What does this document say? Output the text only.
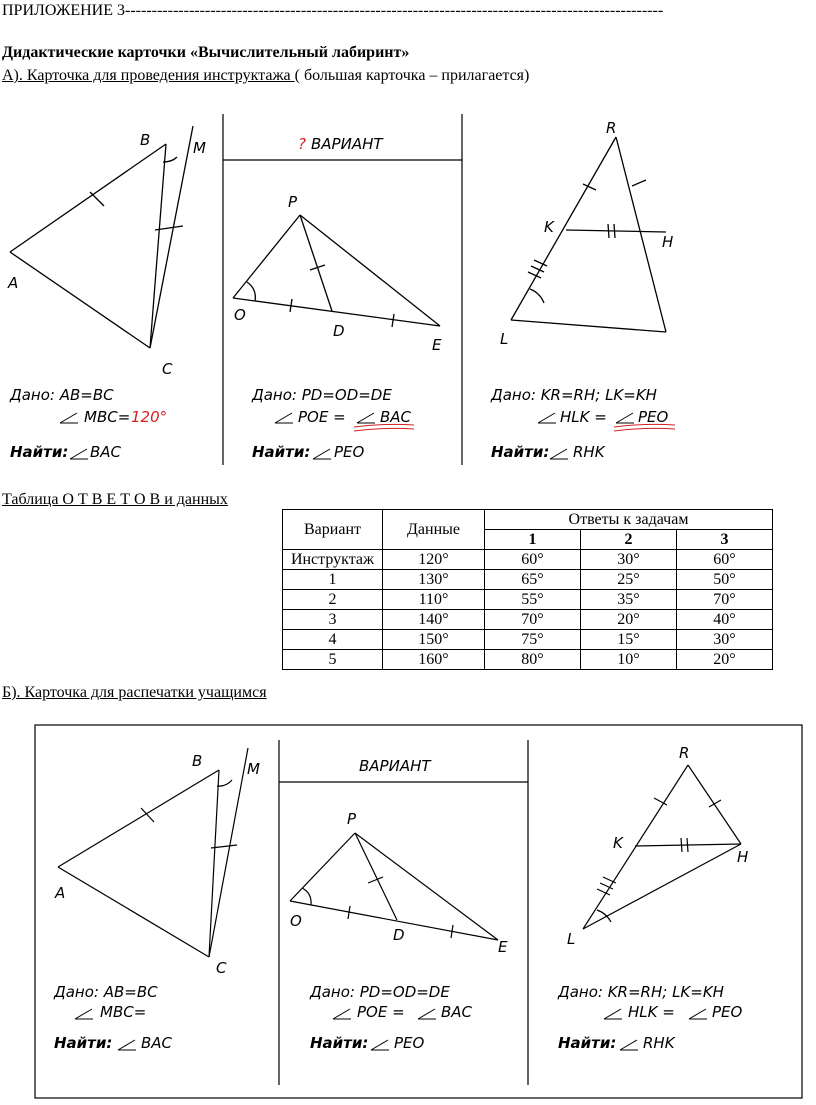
ПРИЛОЖЕНИЕ 3-----------------------------------------------------------------------------------------------------
Дидактические карточки «Вычислительный лабиринт»
А). Карточка для проведения инструктажа ( большая карточка – прилагается)
B	M
A
C
? ВАРИАНТ
P
O
D
E
R
K
H
L
Дано: AB=BC
MBC= 120°
Найти: BAC
Дано: PD=OD=DE
POE = BAC
Найти: PEO
Дано: KR=RH; LK=KH
HLK = PEO
Найти: RHK
Таблица О Т В Е Т О В и данных
Вариант	Данные	Ответы к задачам		
		1	2	3
Инструктаж	120°	60°	30°	60°
1	130°	65°	25°	50°
2	110°	55°	35°	70°
3	140°	70°	20°	40°
4	150°	75°	15°	30°
5	160°	80°	10°	20°
Б). Карточка для распечатки учащимся
B	M
A
C
ВАРИАНТ
P
O
D
E
R
K
H
L
Дано: AB=BC
MBC=
Найти: BAC
Дано: PD=OD=DE
POE = BAC
Найти: PEO
Дано: KR=RH; LK=KH
HLK = PEO
Найти: RHK
